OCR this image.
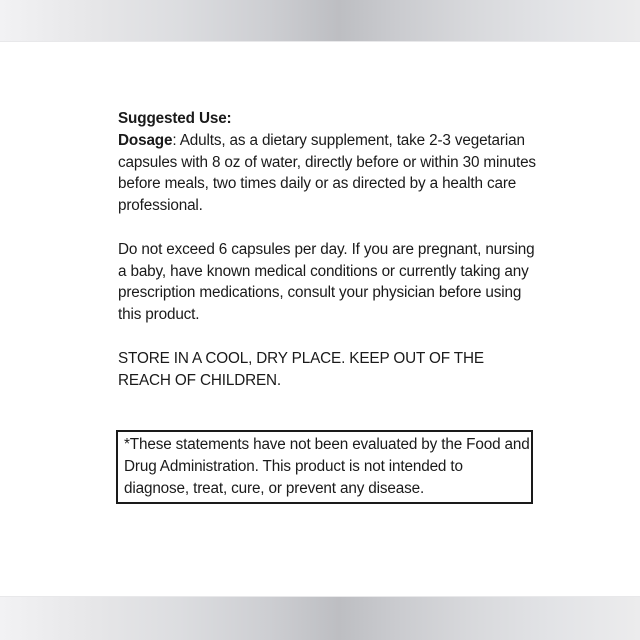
Suggested Use:

Dosage: Adults, as a dietary supplement, take 2-3 vegetarian capsules with 8 oz of water, directly before or within 30 minutes before meals, two times daily or as directed by a health care professional.

Do not exceed 6 capsules per day. If you are pregnant, nursing a baby, have known medical conditions or currently taking any prescription medications, consult your physician before using this product.

STORE IN A COOL, DRY PLACE. KEEP OUT OF THE REACH OF CHILDREN.

*These statements have not been evaluated by the Food and Drug Administration. This product is not intended to diagnose, treat, cure, or prevent any disease.
